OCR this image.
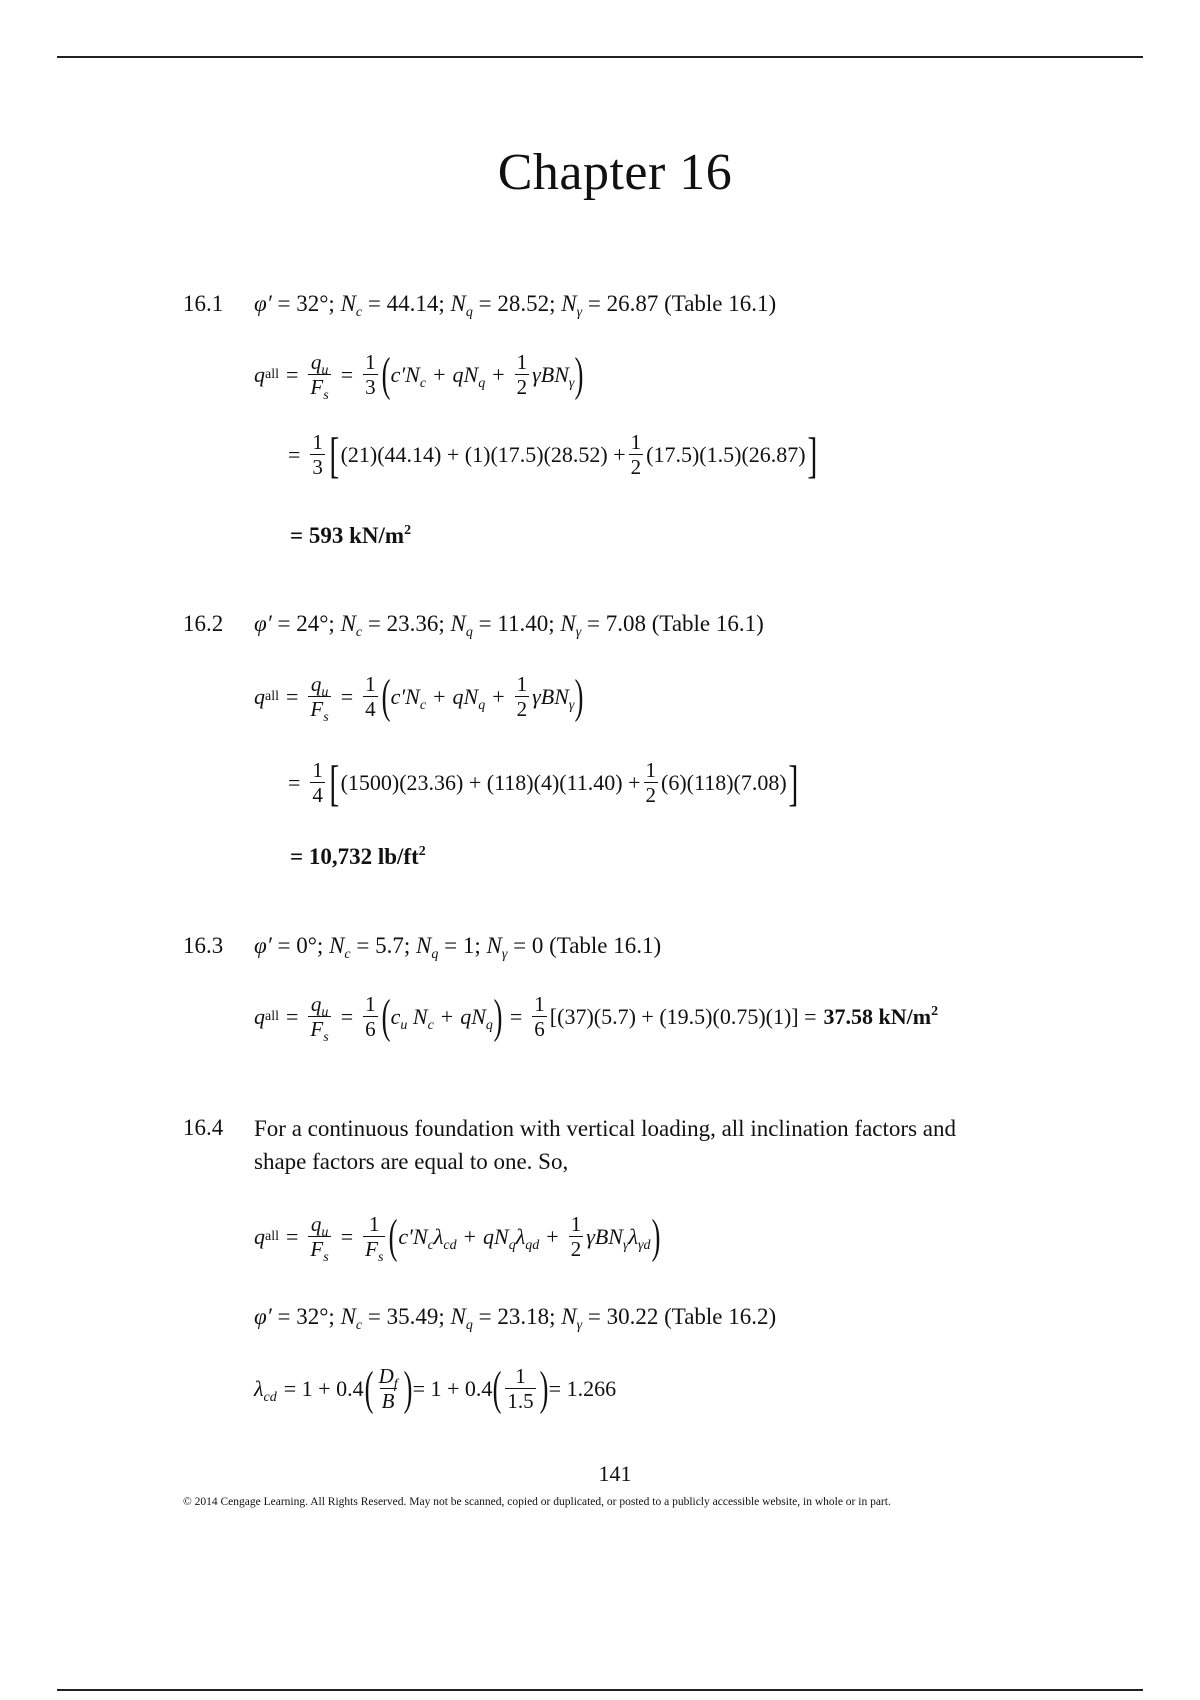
Chapter 16
16.1 φ′ = 32°; $N_c = 44.14$; $N_q = 28.52$; $N_\gamma = 26.87$ (Table 16.1)
q all = $\frac{q_u}{F_s} = \frac{1}{3}$ ( $c'N_c + qN_q + \frac{1}{2} \gamma BN_\gamma$ )
= $\frac{1}{3}$ [ $(21)(44.14) + (1)(17.5)(28.52) + \frac{1}{2} (17.5)(1.5)(26.87)$ ]
= 593 $kN/m^2$
16.2 φ′ = 24°; $N_c = 23.36$; $N_q = 11.40$; $N_\gamma = 7.08$ (Table 16.1)
q all = $\frac{q_u}{F_s} = \frac{1}{4}$ ( $c'N_c + qN_q + \frac{1}{2} \gamma BN_\gamma$ )
= $\frac{1}{4}$ [ $(1500)(23.36) + (118)(4)(11.40) + \frac{1}{2} (6)(118)(7.08)$ ]
= 10,732 $lb/ft^2$
16.3 φ′ = 0°; $N_c = 5.7$; $N_q = 1$; $N_\gamma = 0$ (Table 16.1)
q all = $\frac{q_u}{F_s} = \frac{1}{6}$ ( $c_u$ $N_c + qN_q$ ) = $\frac{1}{6} [(37)(5.7) + (19.5)(0.75)(1)] = 37.58$ $kN/m^2$
16.4 For a continuous foundation with vertical loading, all inclination factors and shape factors are equal to one. So,
q all = $\frac{q_u}{F_s} = \frac{1}{F_s}$ ( $c'N_c\lambda_{cd} + qN_q\lambda_{qd} + \frac{1}{2} \gamma BN_\gamma\lambda_{\gamma d}$ )
φ′ = 32°; $N_c = 35.49$; $N_q = 23.18$; $N_\gamma = 30.22$ (Table 16.2)
$\lambda_{cd} = 1 + 0.4$ ( $\frac{D_f}{B}$ ) = 1 + 0.4 ( $\frac{1}{1.5}$ ) = 1.266
141
© 2014 Cengage Learning. All Rights Reserved. May not be scanned, copied or duplicated, or posted to a publicly accessible website, in whole or in part.
